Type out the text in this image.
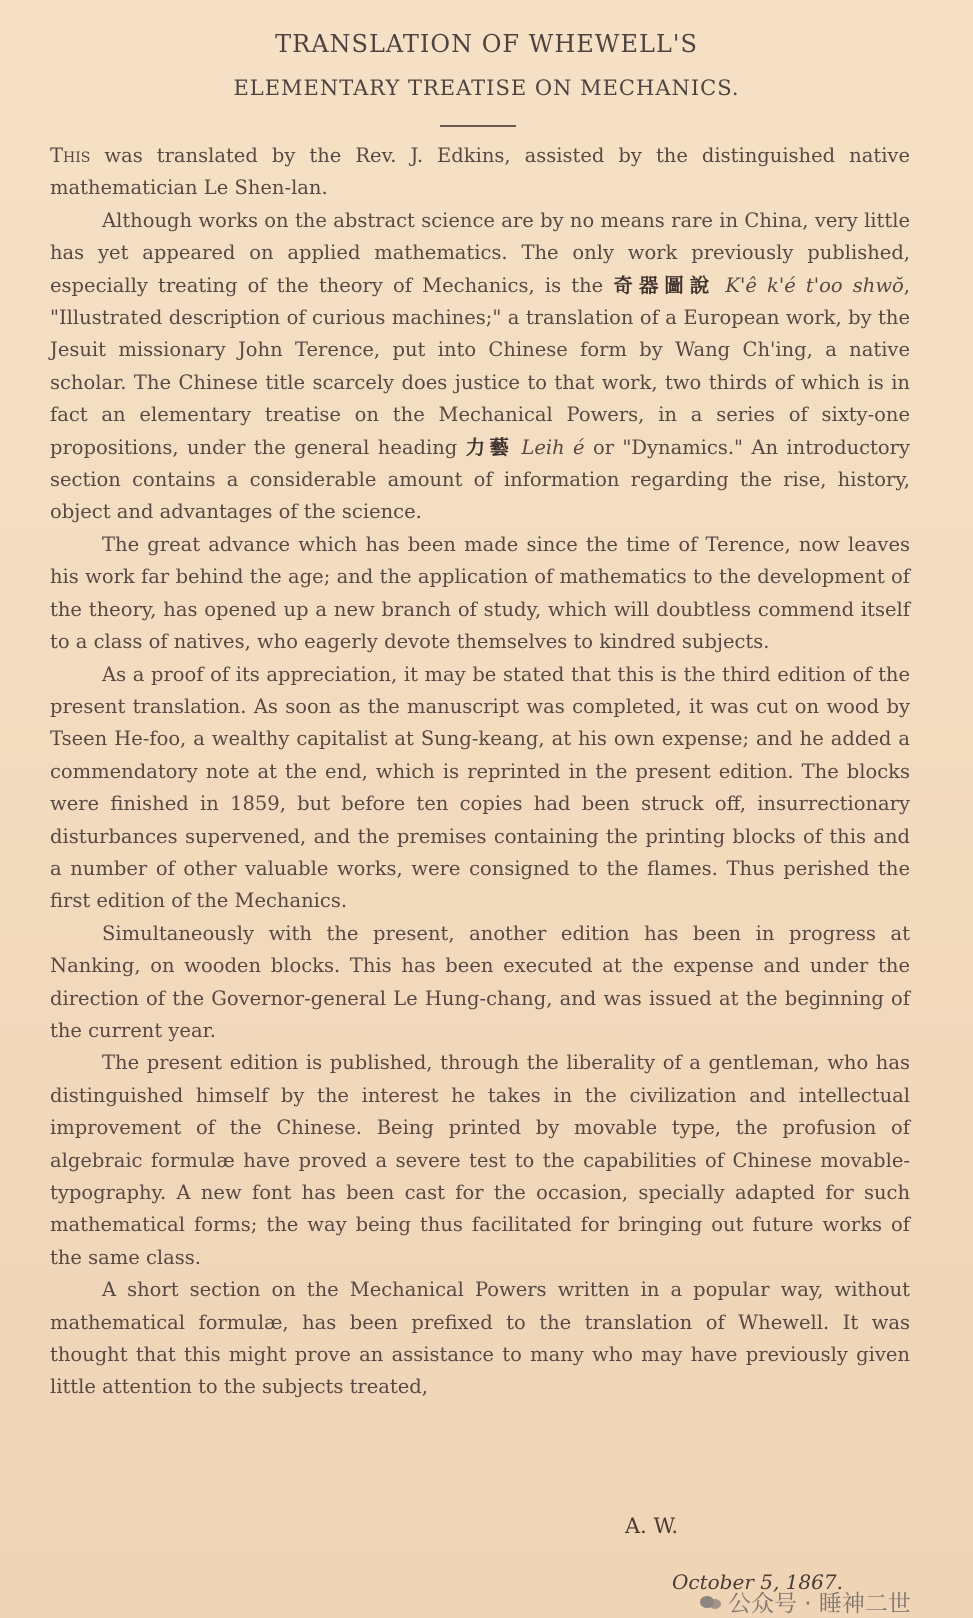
TRANSLATION OF WHEWELL'S
ELEMENTARY TREATISE ON MECHANICS.

This was translated by the Rev. J. Edkins, assisted by the distinguished native mathematician Le Shen-lan.

Although works on the abstract science are by no means rare in China, very little has yet appeared on applied mathematics. The only work previously published, especially treating of the theory of Mechanics, is the 奇器圖說 K'ê k'é t'oo shwŏ, "Illustrated description of curious machines;" a translation of a European work, by the Jesuit missionary John Terence, put into Chinese form by Wang Ch'ing, a native scholar. The Chinese title scarcely does justice to that work, two thirds of which is in fact an elementary treatise on the Mechanical Powers, in a series of sixty-one propositions, under the general heading 力藝 Leih é or "Dynamics." An introductory section contains a considerable amount of information regarding the rise, history, object and advantages of the science.

The great advance which has been made since the time of Terence, now leaves his work far behind the age; and the application of mathematics to the development of the theory, has opened up a new branch of study, which will doubtless commend itself to a class of natives, who eagerly devote themselves to kindred subjects.

As a proof of its appreciation, it may be stated that this is the third edition of the present translation. As soon as the manuscript was completed, it was cut on wood by Tseen He-foo, a wealthy capitalist at Sung-keang, at his own expense; and he added a commendatory note at the end, which is reprinted in the present edition. The blocks were finished in 1859, but before ten copies had been struck off, insurrectionary disturbances supervened, and the premises containing the printing blocks of this and a number of other valuable works, were consigned to the flames. Thus perished the first edition of the Mechanics.

Simultaneously with the present, another edition has been in progress at Nanking, on wooden blocks. This has been executed at the expense and under the direction of the Governor-general Le Hung-chang, and was issued at the beginning of the current year.

The present edition is published, through the liberality of a gentleman, who has distinguished himself by the interest he takes in the civilization and intellectual improvement of the Chinese. Being printed by movable type, the profusion of algebraic formulæ have proved a severe test to the capabilities of Chinese movable-typography. A new font has been cast for the occasion, specially adapted for such mathematical forms; the way being thus facilitated for bringing out future works of the same class.

A short section on the Mechanical Powers written in a popular way, without mathematical formulæ, has been prefixed to the translation of Whewell. It was thought that this might prove an assistance to many who may have previously given little attention to the subjects treated,

A. W.
October 5, 1867.
公众号 · 睡神二世
